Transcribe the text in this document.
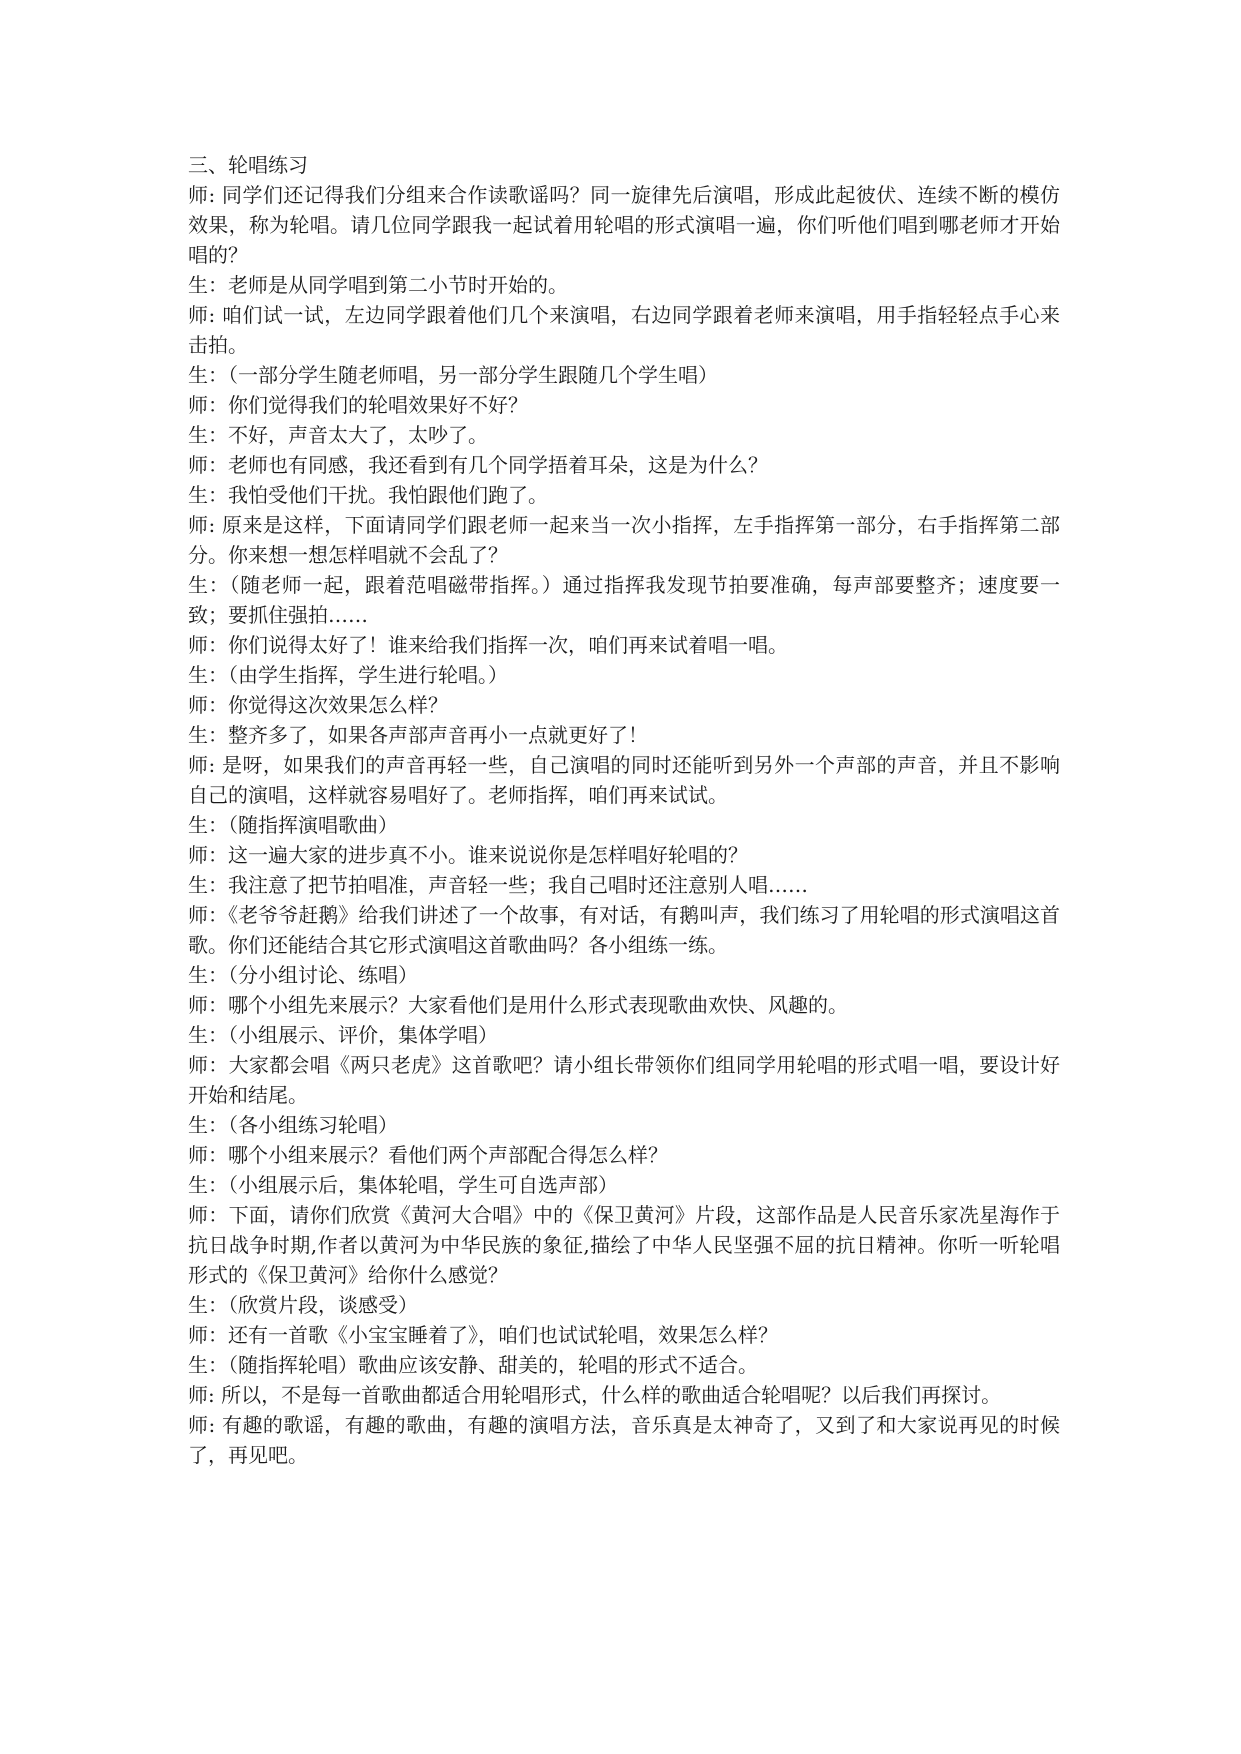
三、轮唱练习

师: 同学们还记得我们分组来合作读歌谣吗？同一旋律先后演唱，形成此起彼伏、连续不断的模仿效果，称为轮唱。请几位同学跟我一起试着用轮唱的形式演唱一遍，你们听他们唱到哪老师才开始唱的？

生：老师是从同学唱到第二小节时开始的。

师: 咱们试一试，左边同学跟着他们几个来演唱，右边同学跟着老师来演唱，用手指轻轻点手心来击拍。

生：（一部分学生随老师唱，另一部分学生跟随几个学生唱）

师：你们觉得我们的轮唱效果好不好？

生：不好，声音太大了，太吵了。

师：老师也有同感，我还看到有几个同学捂着耳朵，这是为什么？

生：我怕受他们干扰。我怕跟他们跑了。

师: 原来是这样，下面请同学们跟老师一起来当一次小指挥，左手指挥第一部分，右手指挥第二部分。你来想一想怎样唱就不会乱了？

生：（随老师一起，跟着范唱磁带指挥。）通过指挥我发现节拍要准确，每声部要整齐；速度要一致；要抓住强拍……

师：你们说得太好了！谁来给我们指挥一次，咱们再来试着唱一唱。

生：（由学生指挥，学生进行轮唱。）

师：你觉得这次效果怎么样？

生：整齐多了，如果各声部声音再小一点就更好了！

师: 是呀，如果我们的声音再轻一些，自己演唱的同时还能听到另外一个声部的声音，并且不影响自己的演唱，这样就容易唱好了。老师指挥，咱们再来试试。

生：（随指挥演唱歌曲）

师：这一遍大家的进步真不小。谁来说说你是怎样唱好轮唱的？

生：我注意了把节拍唱准，声音轻一些；我自己唱时还注意别人唱……

师：《老爷爷赶鹅》给我们讲述了一个故事，有对话，有鹅叫声，我们练习了用轮唱的形式演唱这首歌。你们还能结合其它形式演唱这首歌曲吗？各小组练一练。

生：（分小组讨论、练唱）

师：哪个小组先来展示？大家看他们是用什么形式表现歌曲欢快、风趣的。

生：（小组展示、评价，集体学唱）

师：大家都会唱《两只老虎》这首歌吧？请小组长带领你们组同学用轮唱的形式唱一唱，要设计好开始和结尾。

生：（各小组练习轮唱）

师：哪个小组来展示？看他们两个声部配合得怎么样？

生：（小组展示后，集体轮唱，学生可自选声部）

师：下面，请你们欣赏《黄河大合唱》中的《保卫黄河》片段，这部作品是人民音乐家冼星海作于抗日战争时期,作者以黄河为中华民族的象征,描绘了中华人民坚强不屈的抗日精神。你听一听轮唱形式的《保卫黄河》给你什么感觉？

生：（欣赏片段，谈感受）

师：还有一首歌《小宝宝睡着了》，咱们也试试轮唱，效果怎么样？

生：（随指挥轮唱）歌曲应该安静、甜美的，轮唱的形式不适合。

师: 所以，不是每一首歌曲都适合用轮唱形式，什么样的歌曲适合轮唱呢？以后我们再探讨。

师: 有趣的歌谣，有趣的歌曲，有趣的演唱方法，音乐真是太神奇了，又到了和大家说再见的时候了，再见吧。
